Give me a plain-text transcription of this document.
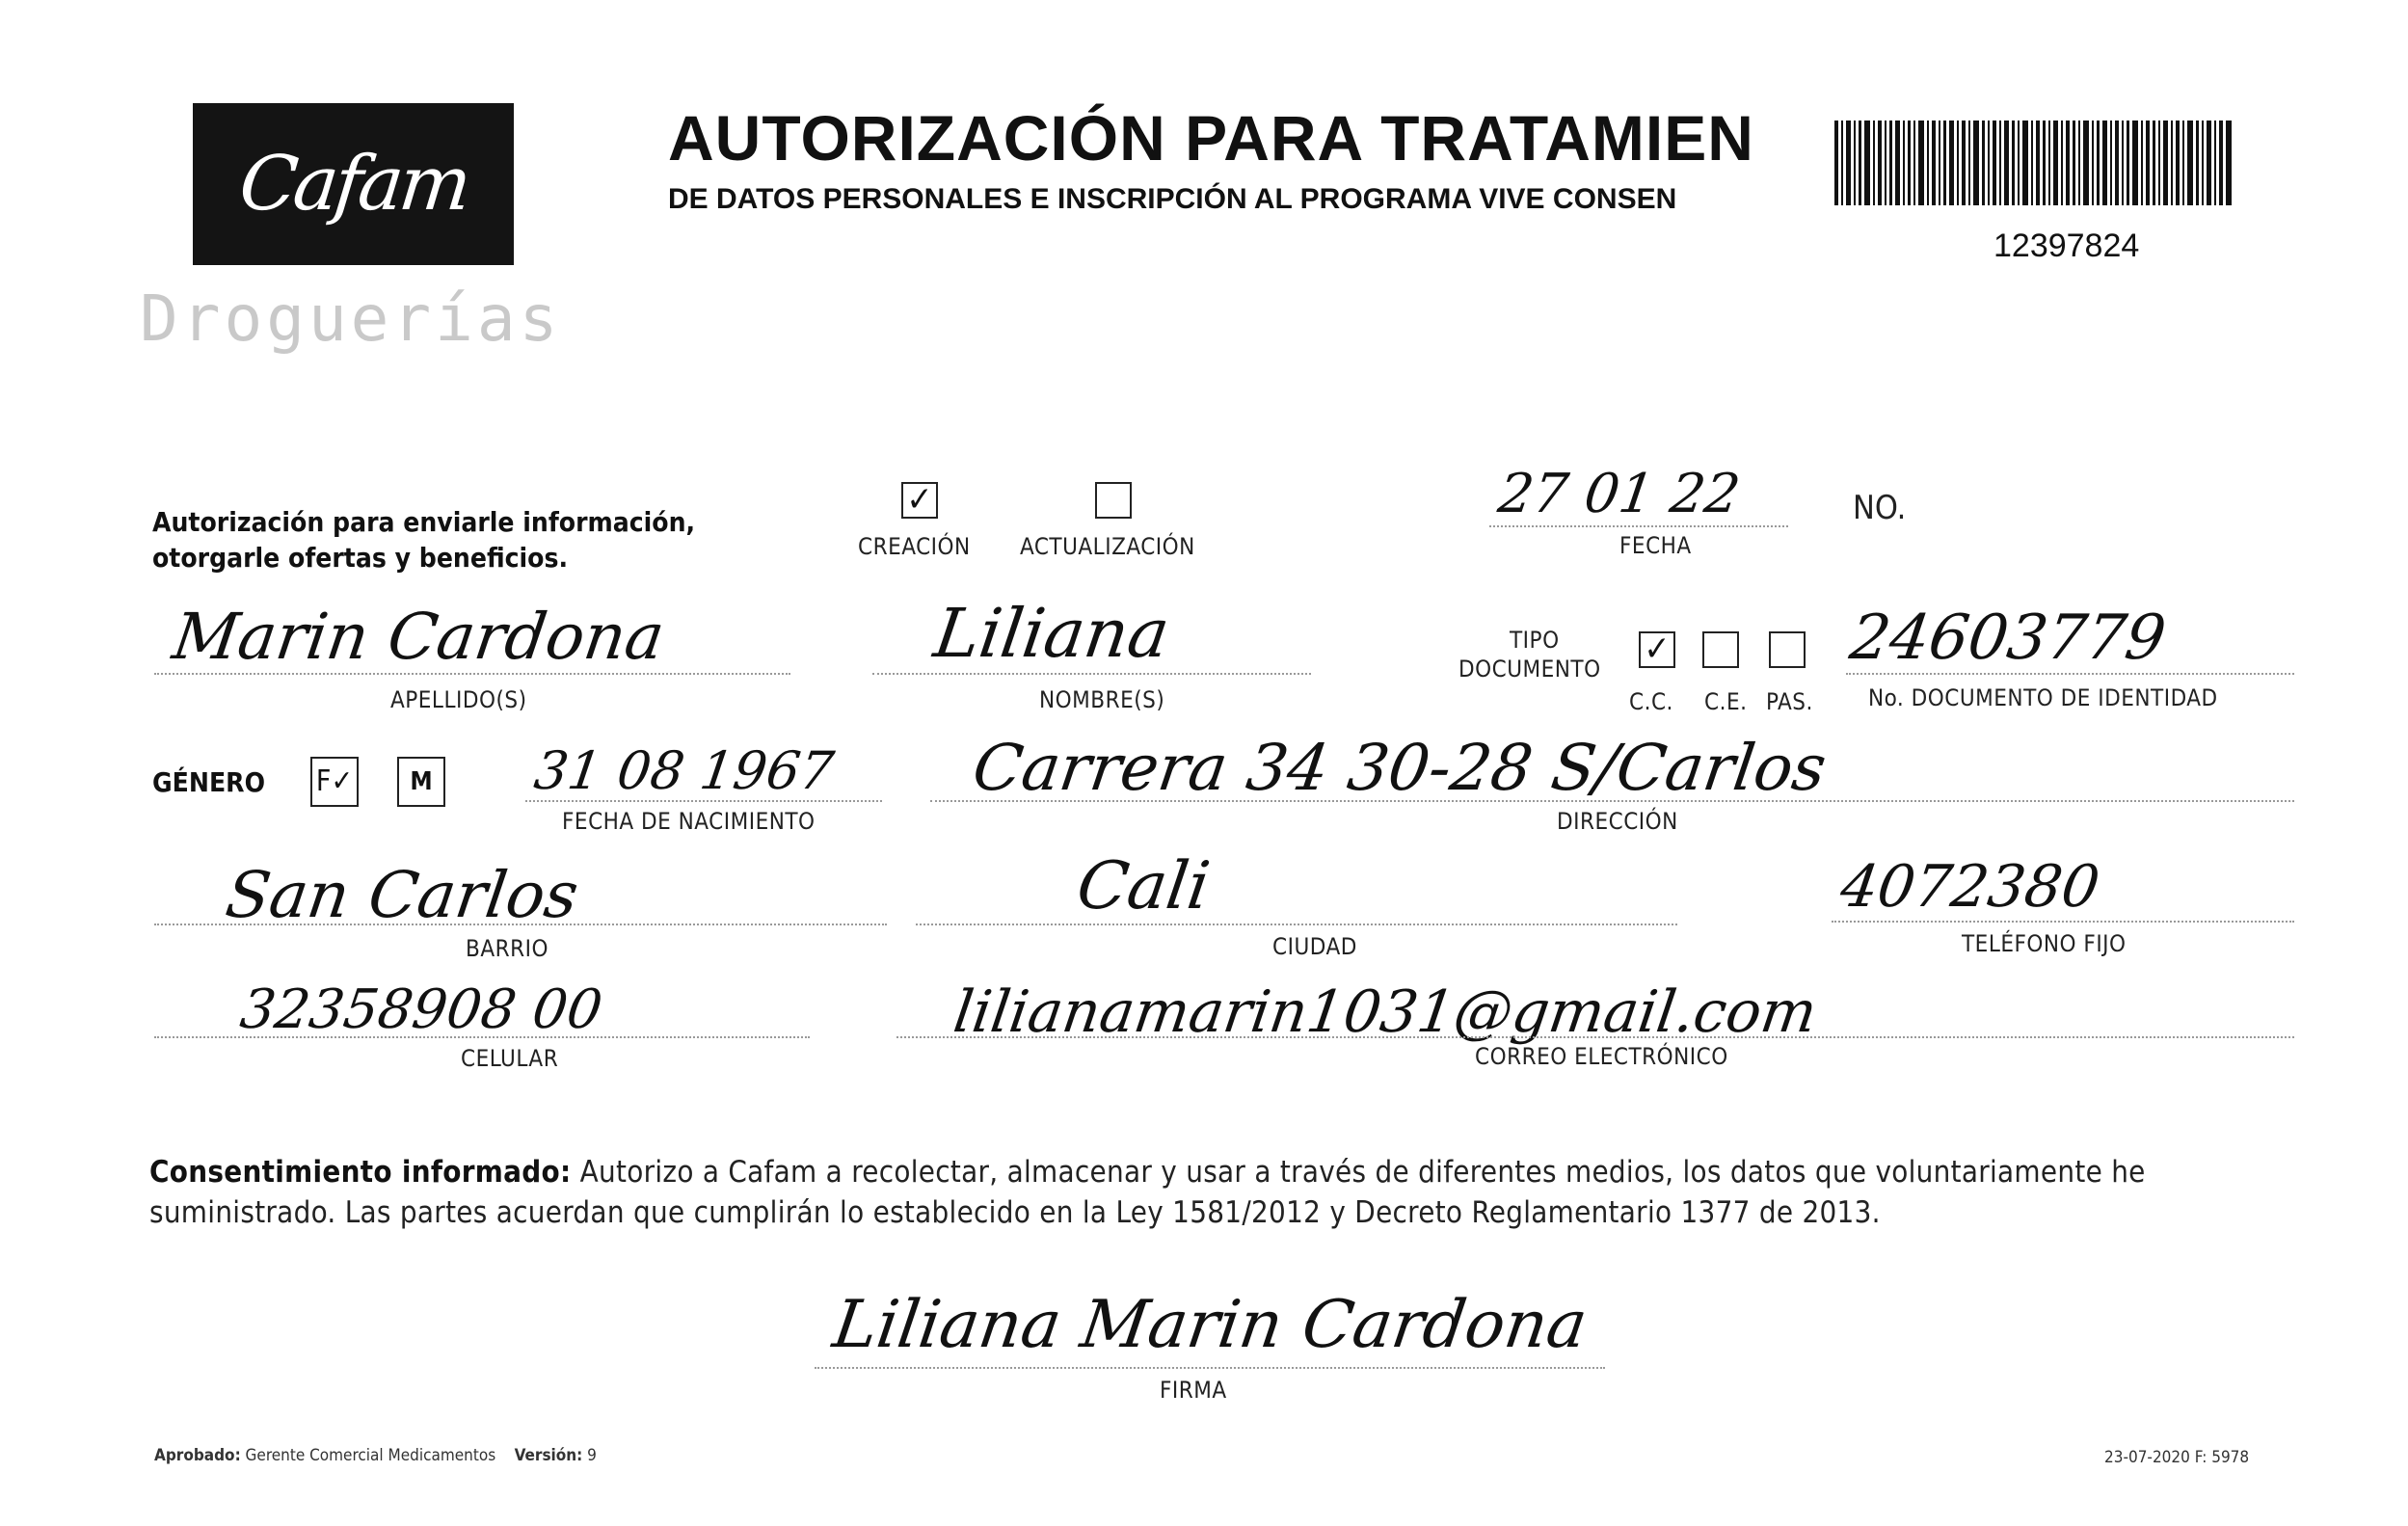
Cafam
Droguerías
AUTORIZACIÓN PARA TRATAMIEN
DE DATOS PERSONALES E INSCRIPCIÓN AL PROGRAMA VIVE CONSEN
12397824
Autorización para enviarle información,
otorgarle ofertas y beneficios.
✓
CREACIÓN ACTUALIZACIÓN
27 01 22
FECHA
NO.
Marin Cardona
APELLIDO(S)
Liliana
NOMBRE(S)
TIPO
DOCUMENTO ✓
C.C. C.E. PAS.
24603779
No. DOCUMENTO DE IDENTIDAD
GÉNERO F✓ M 31 08 1967
FECHA DE NACIMIENTO
Carrera 34 30-28 S/Carlos
DIRECCIÓN
San Carlos
BARRIO
Cali
CIUDAD
4072380
TELÉFONO FIJO
32358908 00
CELULAR
lilianamarin1031@gmail.com
CORREO ELECTRÓNICO
Consentimiento informado: Autorizo a Cafam a recolectar, almacenar y usar a través de diferentes medios, los datos que voluntariamente he suministrado. Las partes acuerdan que cumplirán lo establecido en la Ley 1581/2012 y Decreto Reglamentario 1377 de 2013.
Liliana Marin Cardona
FIRMA
Aprobado: Gerente Comercial Medicamentos Versión: 9	23-07-2020 F: 5978
